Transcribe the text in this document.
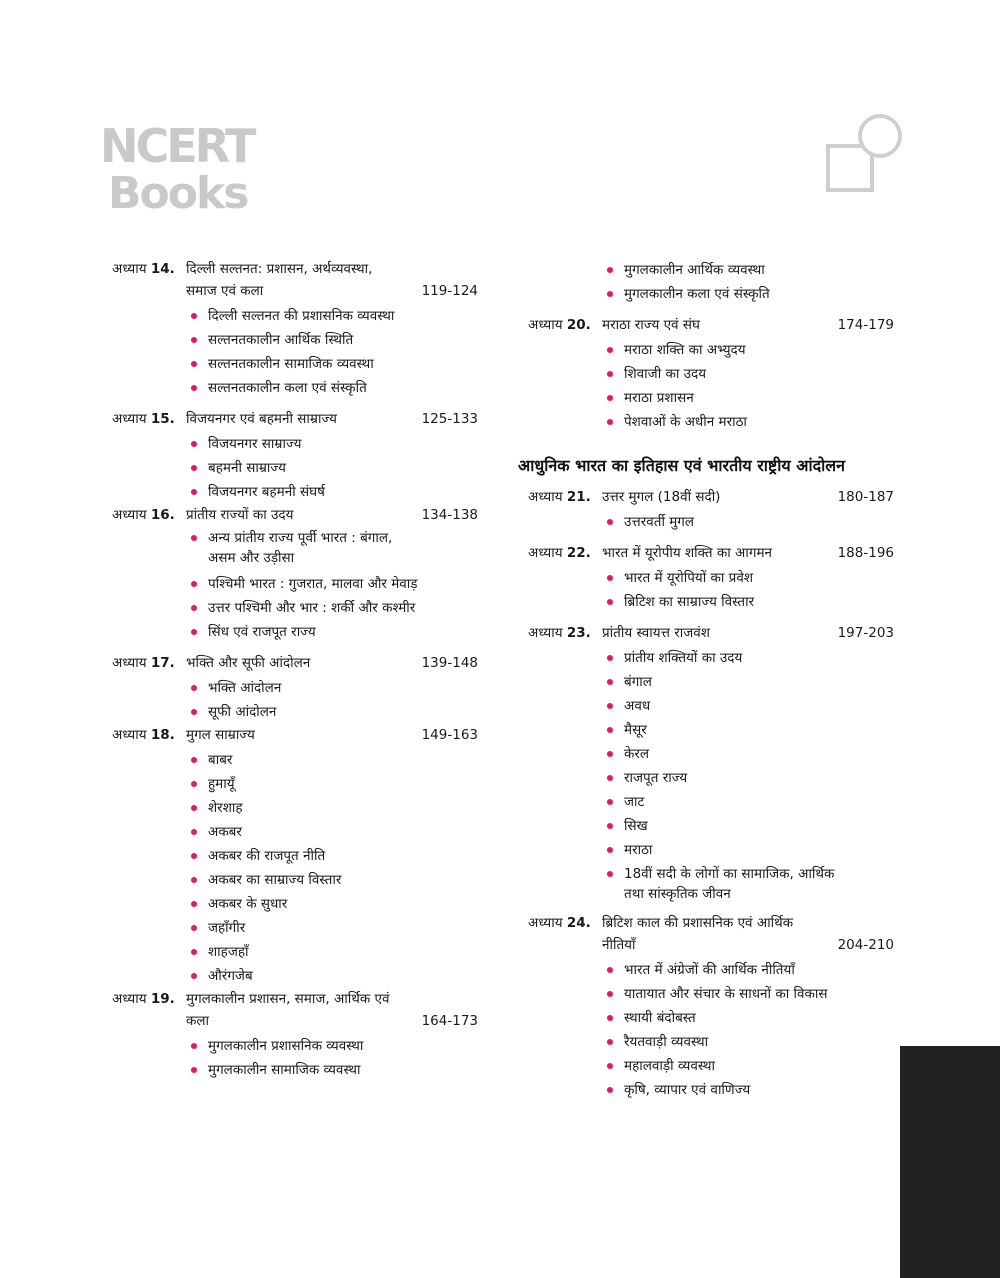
NCERT
Books
अध्याय 14. दिल्ली सल्तनत: प्रशासन, अर्थव्यवस्था, समाज एवं कला	119-124
दिल्ली सल्तनत की प्रशासनिक व्यवस्था
सल्तनतकालीन आर्थिक स्थिति
सल्तनतकालीन सामाजिक व्यवस्था
सल्तनतकालीन कला एवं संस्कृति
अध्याय 15. विजयनगर एवं बहमनी साम्राज्य	125-133
विजयनगर साम्राज्य
बहमनी साम्राज्य
विजयनगर बहमनी संघर्ष
अध्याय 16. प्रांतीय राज्यों का उदय	134-138
अन्य प्रांतीय राज्य पूर्वी भारत : बंगाल, असम और उड़ीसा
पश्चिमी भारत : गुजरात, मालवा और मेवाड़
उत्तर पश्चिमी और भार : शर्की और कश्मीर
सिंध एवं राजपूत राज्य
अध्याय 17. भक्ति और सूफी आंदोलन	139-148
भक्ति आंदोलन
सूफी आंदोलन
अध्याय 18. मुगल साम्राज्य	149-163
बाबर
हुमायूँ
शेरशाह
अकबर
अकबर की राजपूत नीति
अकबर का साम्राज्य विस्तार
अकबर के सुधार
जहाँगीर
शाहजहाँ
औरंगजेब
अध्याय 19. मुगलकालीन प्रशासन, समाज, आर्थिक एवं कला	164-173
मुगलकालीन प्रशासनिक व्यवस्था
मुगलकालीन सामाजिक व्यवस्था
मुगलकालीन आर्थिक व्यवस्था
मुगलकालीन कला एवं संस्कृति
अध्याय 20. मराठा राज्य एवं संघ	174-179
मराठा शक्ति का अभ्युदय
शिवाजी का उदय
मराठा प्रशासन
पेशवाओं के अधीन मराठा
आधुनिक भारत का इतिहास एवं भारतीय राष्ट्रीय आंदोलन
अध्याय 21. उत्तर मुगल (18वीं सदी)	180-187
उत्तरवर्ती मुगल
अध्याय 22. भारत में यूरोपीय शक्ति का आगमन	188-196
भारत में यूरोपियों का प्रवेश
ब्रिटिश का साम्राज्य विस्तार
अध्याय 23. प्रांतीय स्वायत्त राजवंश	197-203
प्रांतीय शक्तियों का उदय
बंगाल
अवध
मैसूर
केरल
राजपूत राज्य
जाट
सिख
मराठा
18वीं सदी के लोगों का सामाजिक, आर्थिक तथा सांस्कृतिक जीवन
अध्याय 24. ब्रिटिश काल की प्रशासनिक एवं आर्थिक नीतियाँ	204-210
भारत में अंग्रेजों की आर्थिक नीतियाँ
यातायात और संचार के साधनों का विकास
स्थायी बंदोबस्त
रैयतवाड़ी व्यवस्था
महालवाड़ी व्यवस्था
कृषि, व्यापार एवं वाणिज्य
